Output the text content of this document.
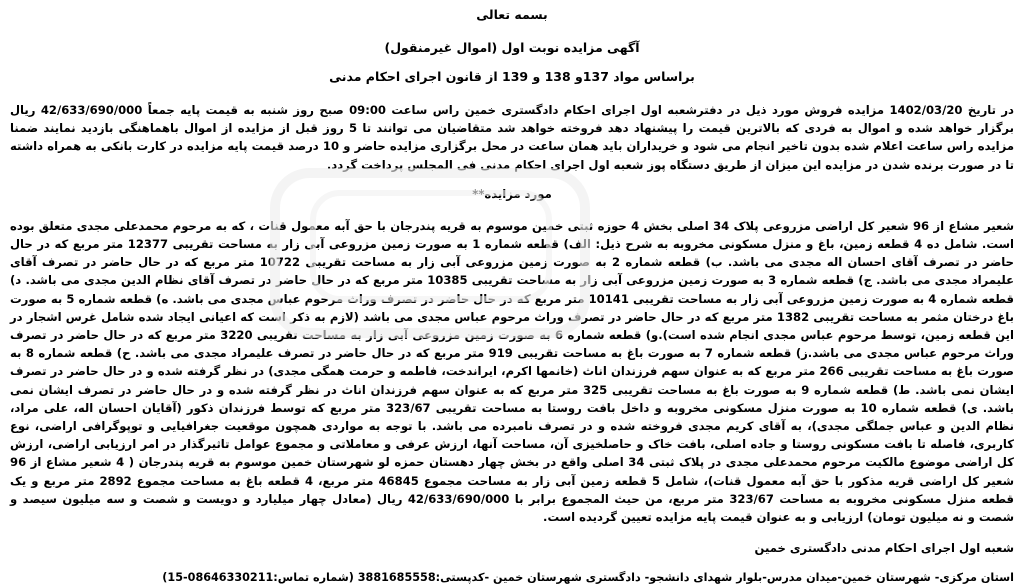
بسمه تعالی
آگهی مزایده نوبت اول (اموال غیرمنقول)
براساس مواد 137و 138 و 139 از قانون اجرای احکام مدنی
در تاریخ 1402/03/20 مزایده فروش مورد ذیل در دفترشعبه اول اجرای احکام دادگستری خمین راس ساعت 09:00 صبح روز شنبه به قیمت پایه جمعاً 42/633/690/000 ریال برگزار خواهد شده و اموال به فردی که بالاترین قیمت را پیشنهاد دهد فروخته خواهد شد متقاضیان می توانند تا 5 روز قبل از مزایده از اموال باهماهنگی بازدید نمایند ضمنا مزایده راس ساعت اعلام شده بدون تاخیر انجام می شود و خریداران باید همان ساعت در محل برگزاری مزایده حاضر و 10 درصد قیمت پایه مزایده در کارت بانکی به همراه داشته تا در صورت برنده شدن در مزایده این میزان از طریق دستگاه پوز شعبه اول اجرای احکام مدنی فی المجلس پرداخت گردد.
مورد مزایده**
شعیر مشاع از 96 شعیر کل اراضی مزروعی پلاک 34 اصلی بخش 4 حوزه ثبتی خمین موسوم به قریه پندرجان با حق آبه معمول قنات ، که به مرحوم محمدعلی مجدی متعلق بوده است. شامل ده 4 قطعه زمین، باغ و منزل مسکونی مخروبه به شرح ذیل: الف) قطعه شماره 1 به صورت زمین مزروعی آبی زار به مساحت تقریبی 12377 متر مربع که در حال حاضر در تصرف آقای احسان اله مجدی می باشد. ب) قطعه شماره 2 به صورت زمین مزروعی آبی زار به مساحت تقریبی 10722 متر مربع که در حال حاضر در تصرف آقای علیمراد مجدی می باشد. ج) قطعه شماره 3 به صورت زمین مزروعی آبی زار به مساحت تقریبی 10385 متر مربع که در حال حاضر در تصرف آقای نظام الدین مجدی می باشد. د) قطعه شماره 4 به صورت زمین مزروعی آبی زار به مساحت تقریبی 10141 متر مربع که در حال حاضر در تصرف وراث مرحوم عباس مجدی می باشد. ه) قطعه شماره 5 به صورت باغ درختان مثمر به مساحت تقریبی 1382 متر مربع که در حال حاضر در تصرف وراث مرحوم عباس مجدی می باشد (لازم به ذکر است که اعیانی ایجاد شده شامل غرس اشجار در این قطعه زمین، توسط مرحوم عباس مجدی انجام شده است).و) قطعه شماره 6 به صورت زمین مزروعی آبی زار به مساحت تقریبی 3220 متر مربع که در حال حاضر در تصرف وراث مرحوم عباس مجدی می باشد.ز) قطعه شماره 7 به صورت باغ به مساحت تقریبی 919 متر مربع که در حال حاضر در تصرف علیمراد مجدی می باشد. ح) قطعه شماره 8 به صورت باغ به مساحت تقریبی 266 متر مربع که به عنوان سهم فرزندان اناث (خانمها اکرم، ایراندخت، فاطمه و حرمت همگی مجدی) در نظر گرفته شده و در حال حاضر در تصرف ایشان نمی باشد. ط) قطعه شماره 9 به صورت باغ به مساحت تقریبی 325 متر مربع که به عنوان سهم فرزندان اناث در نظر گرفته شده و در حال حاضر در تصرف ایشان نمی باشد. ی) قطعه شماره 10 به صورت منزل مسکونی مخروبه و داخل بافت روستا به مساحت تقریبی 323/67 متر مربع که توسط فرزندان ذکور (آقایان احسان اله، علی مراد، نظام الدین و عباس جملگی مجدی)، به آقای کریم مجدی فروخته شده و در تصرف نامبرده می باشد. با توجه به مواردی همچون موقعیت جغرافیایی و توپوگرافی اراضی، نوع کاربری، فاصله تا بافت مسکونی روستا و جاده اصلی، بافت خاک و حاصلخیزی آن، مساحت آنها، ارزش عرفی و معاملاتی و مجموع عوامل تاثیرگذار در امر ارزیابی اراضی، ارزش کل اراضی موضوع مالکیت مرحوم محمدعلی مجدی در پلاک ثبتی 34 اصلی واقع در بخش چهار دهستان حمزه لو شهرستان خمین موسوم به قریه پندرجان ( 4 شعیر مشاع از 96 شعیر کل اراضی قریه مذکور با حق آبه معمول قنات)، شامل 5 قطعه زمین آبی زار به مساحت مجموع 46845 متر مربع، 4 قطعه باغ به مساحت مجموع 2892 متر مربع و یک قطعه منزل مسکونی مخروبه به مساحت 323/67 متر مربع، من حیث المجموع برابر با 42/633/690/000 ریال (معادل چهار میلیارد و دویست و شصت و سه میلیون سیصد و شصت و نه میلیون تومان) ارزیابی و به عنوان قیمت پایه مزایده تعیین گردیده است.
شعبه اول اجرای احکام مدنی دادگستری خمین
استان مرکزی- شهرستان خمین-میدان مدرس-بلوار شهدای دانشجو- دادگستری شهرستان خمین -کدپستی:3881685558 (شماره تماس:08646330211-15)
